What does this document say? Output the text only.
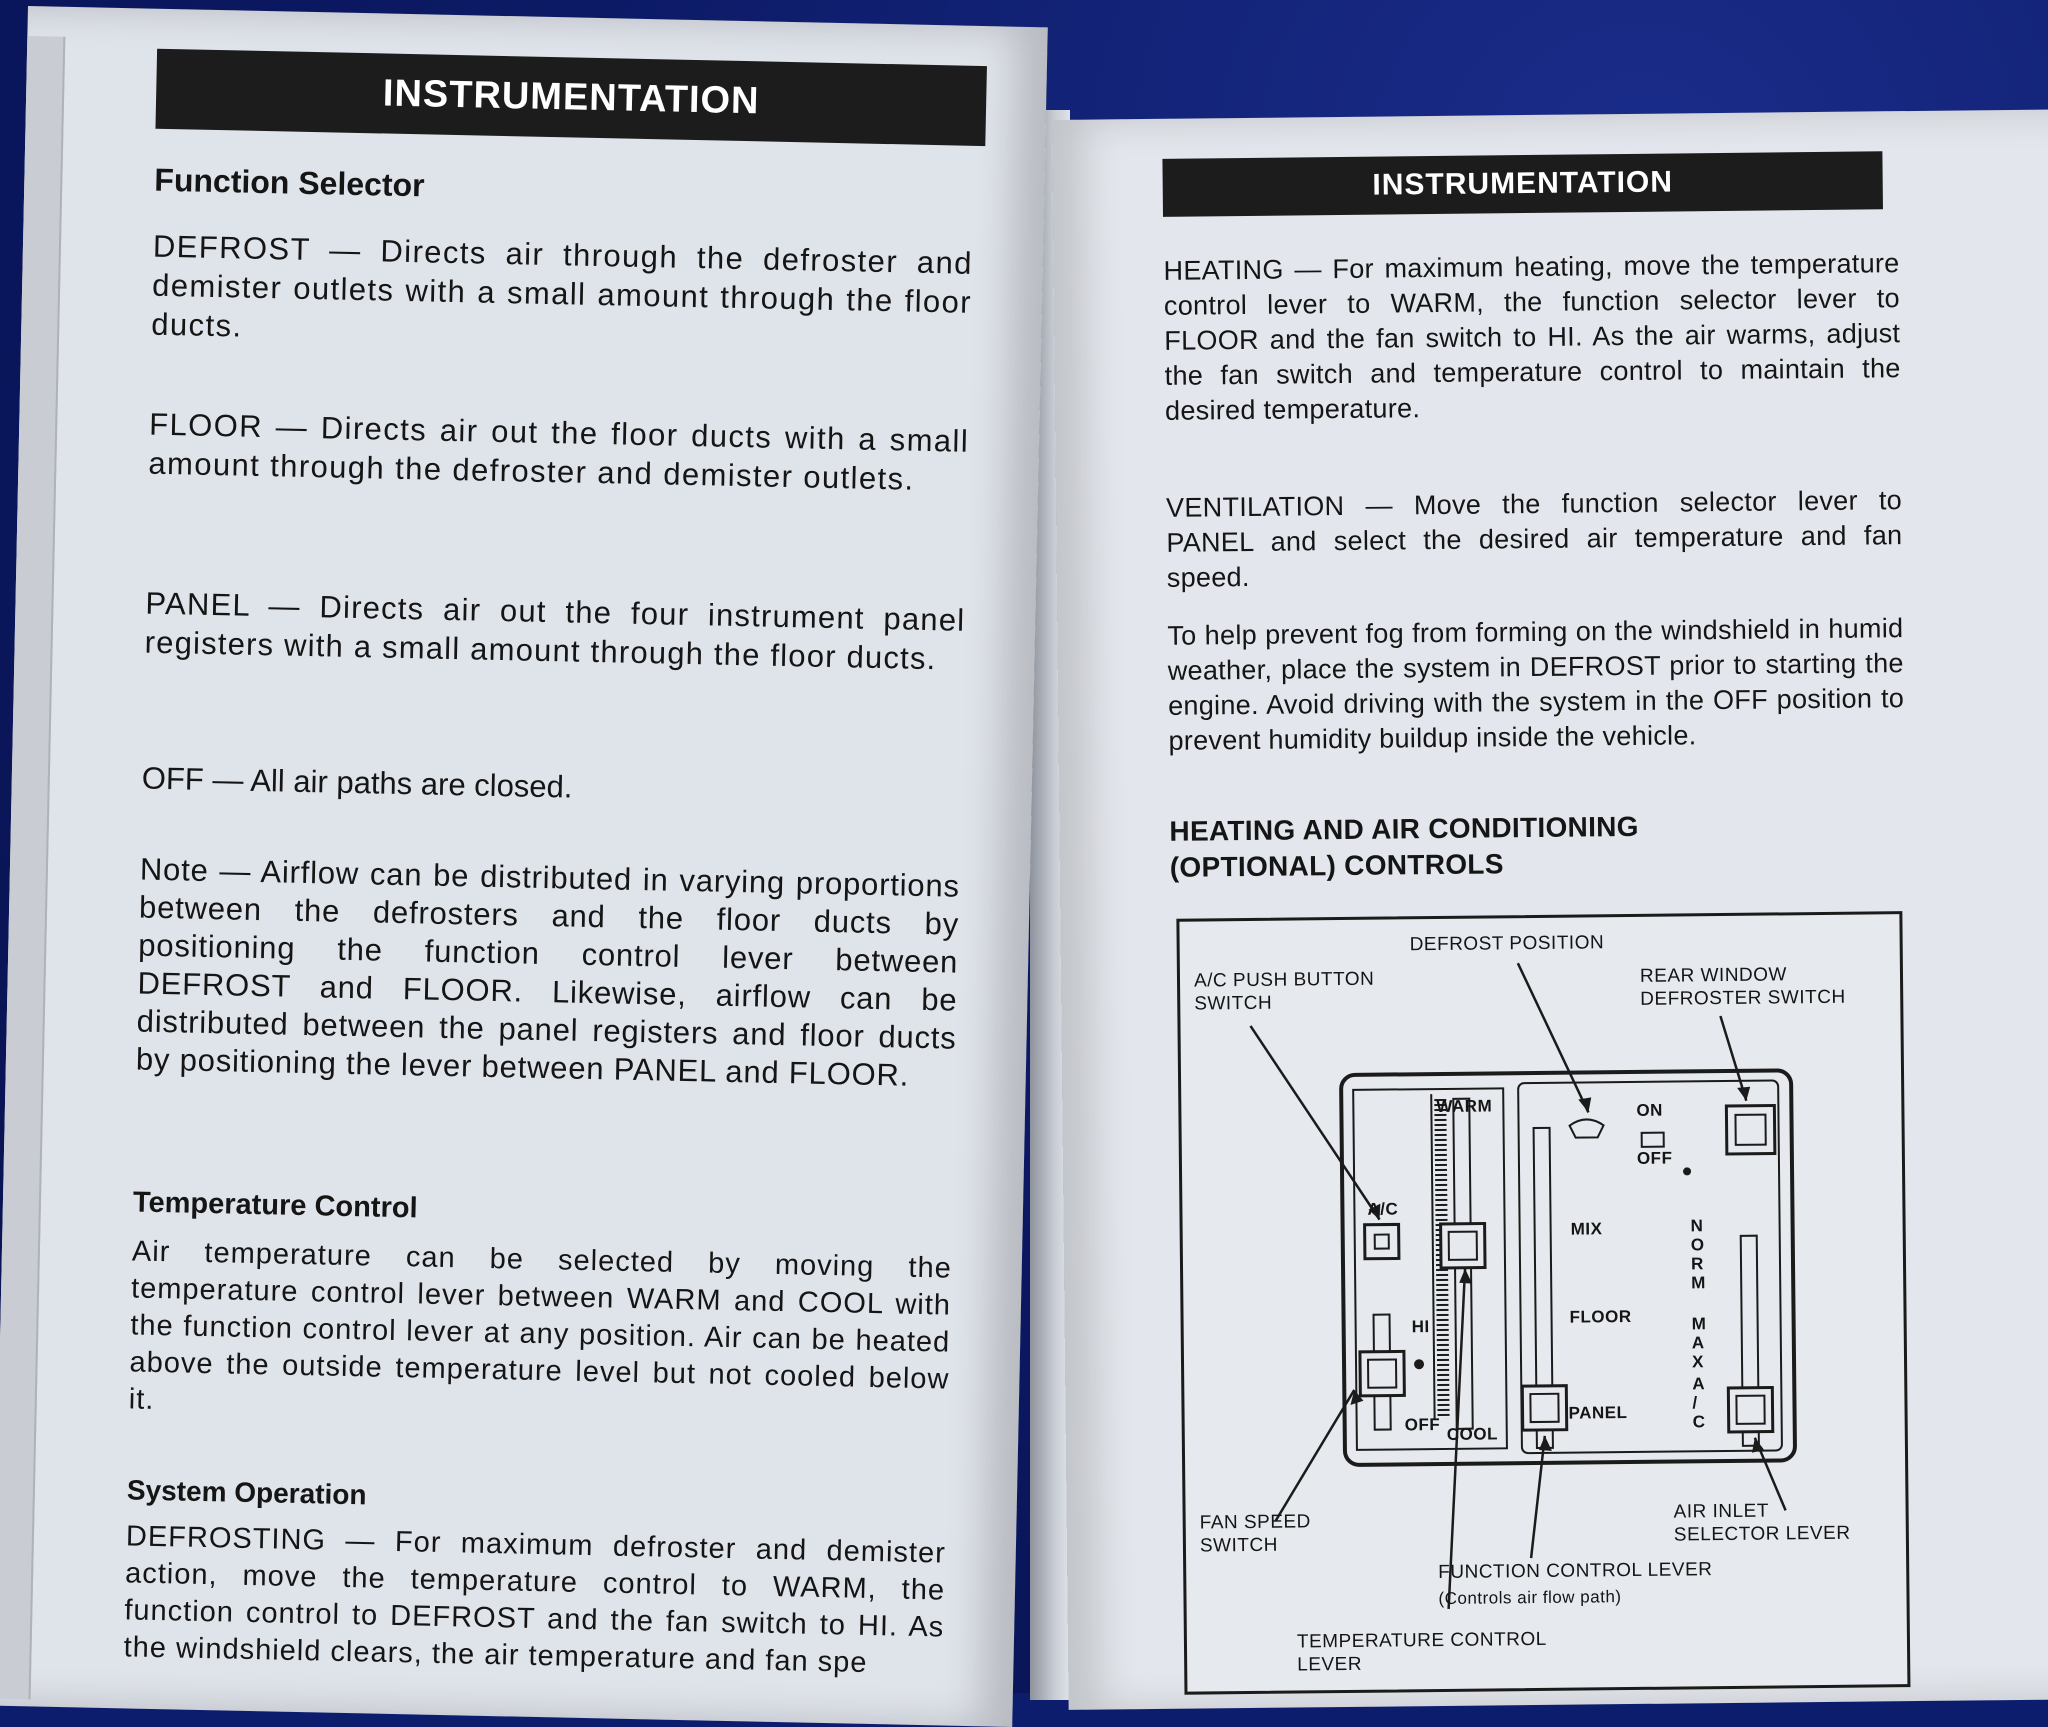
INSTRUMENTATION
Function Selector

DEFROST — Directs air through the defroster and demister outlets with a small amount through the floor ducts.

FLOOR — Directs air out the floor ducts with a small amount through the defroster and demister outlets.

PANEL — Directs air out the four instrument panel registers with a small amount through the floor ducts.

OFF — All air paths are closed.

Note — Airflow can be distributed in varying proportions between the defrosters and the floor ducts by positioning the function control lever between DEFROST and FLOOR. Likewise, airflow can be distributed between the panel registers and floor ducts by positioning the lever between PANEL and FLOOR.

Temperature Control

Air temperature can be selected by moving the temperature control lever between WARM and COOL with the function control lever at any position. Air can be heated above the outside temperature level but not cooled below it.

System Operation

DEFROSTING — For maximum defroster and demister action, move the temperature control to WARM, the function control to DEFROST and the fan switch to HI. As the windshield clears, the air temperature and fan spe

INSTRUMENTATION

HEATING — For maximum heating, move the temperature control lever to WARM, the function selector lever to FLOOR and the fan switch to HI. As the air warms, adjust the fan switch and temperature control to maintain the desired temperature.

VENTILATION — Move the function selector lever to PANEL and select the desired air temperature and fan speed.

To help prevent fog from forming on the windshield in humid weather, place the system in DEFROST prior to starting the engine. Avoid driving with the system in the OFF position to prevent humidity buildup inside the vehicle.

HEATING AND AIR CONDITIONING
(OPTIONAL) CONTROLS
DEFROST POSITION
A/C PUSH BUTTON
SWITCH
REAR WINDOW
DEFROSTER SWITCH
WARM	ON
OFF
A/C
MIX	NORM
FLOOR	MAX
A/C
HI
OFF COOL
PANEL
FAN SPEED
SWITCH
AIR INLET
SELECTOR LEVER
FUNCTION CONTROL LEVER
(Controls air flow path)
TEMPERATURE CONTROL
LEVER
